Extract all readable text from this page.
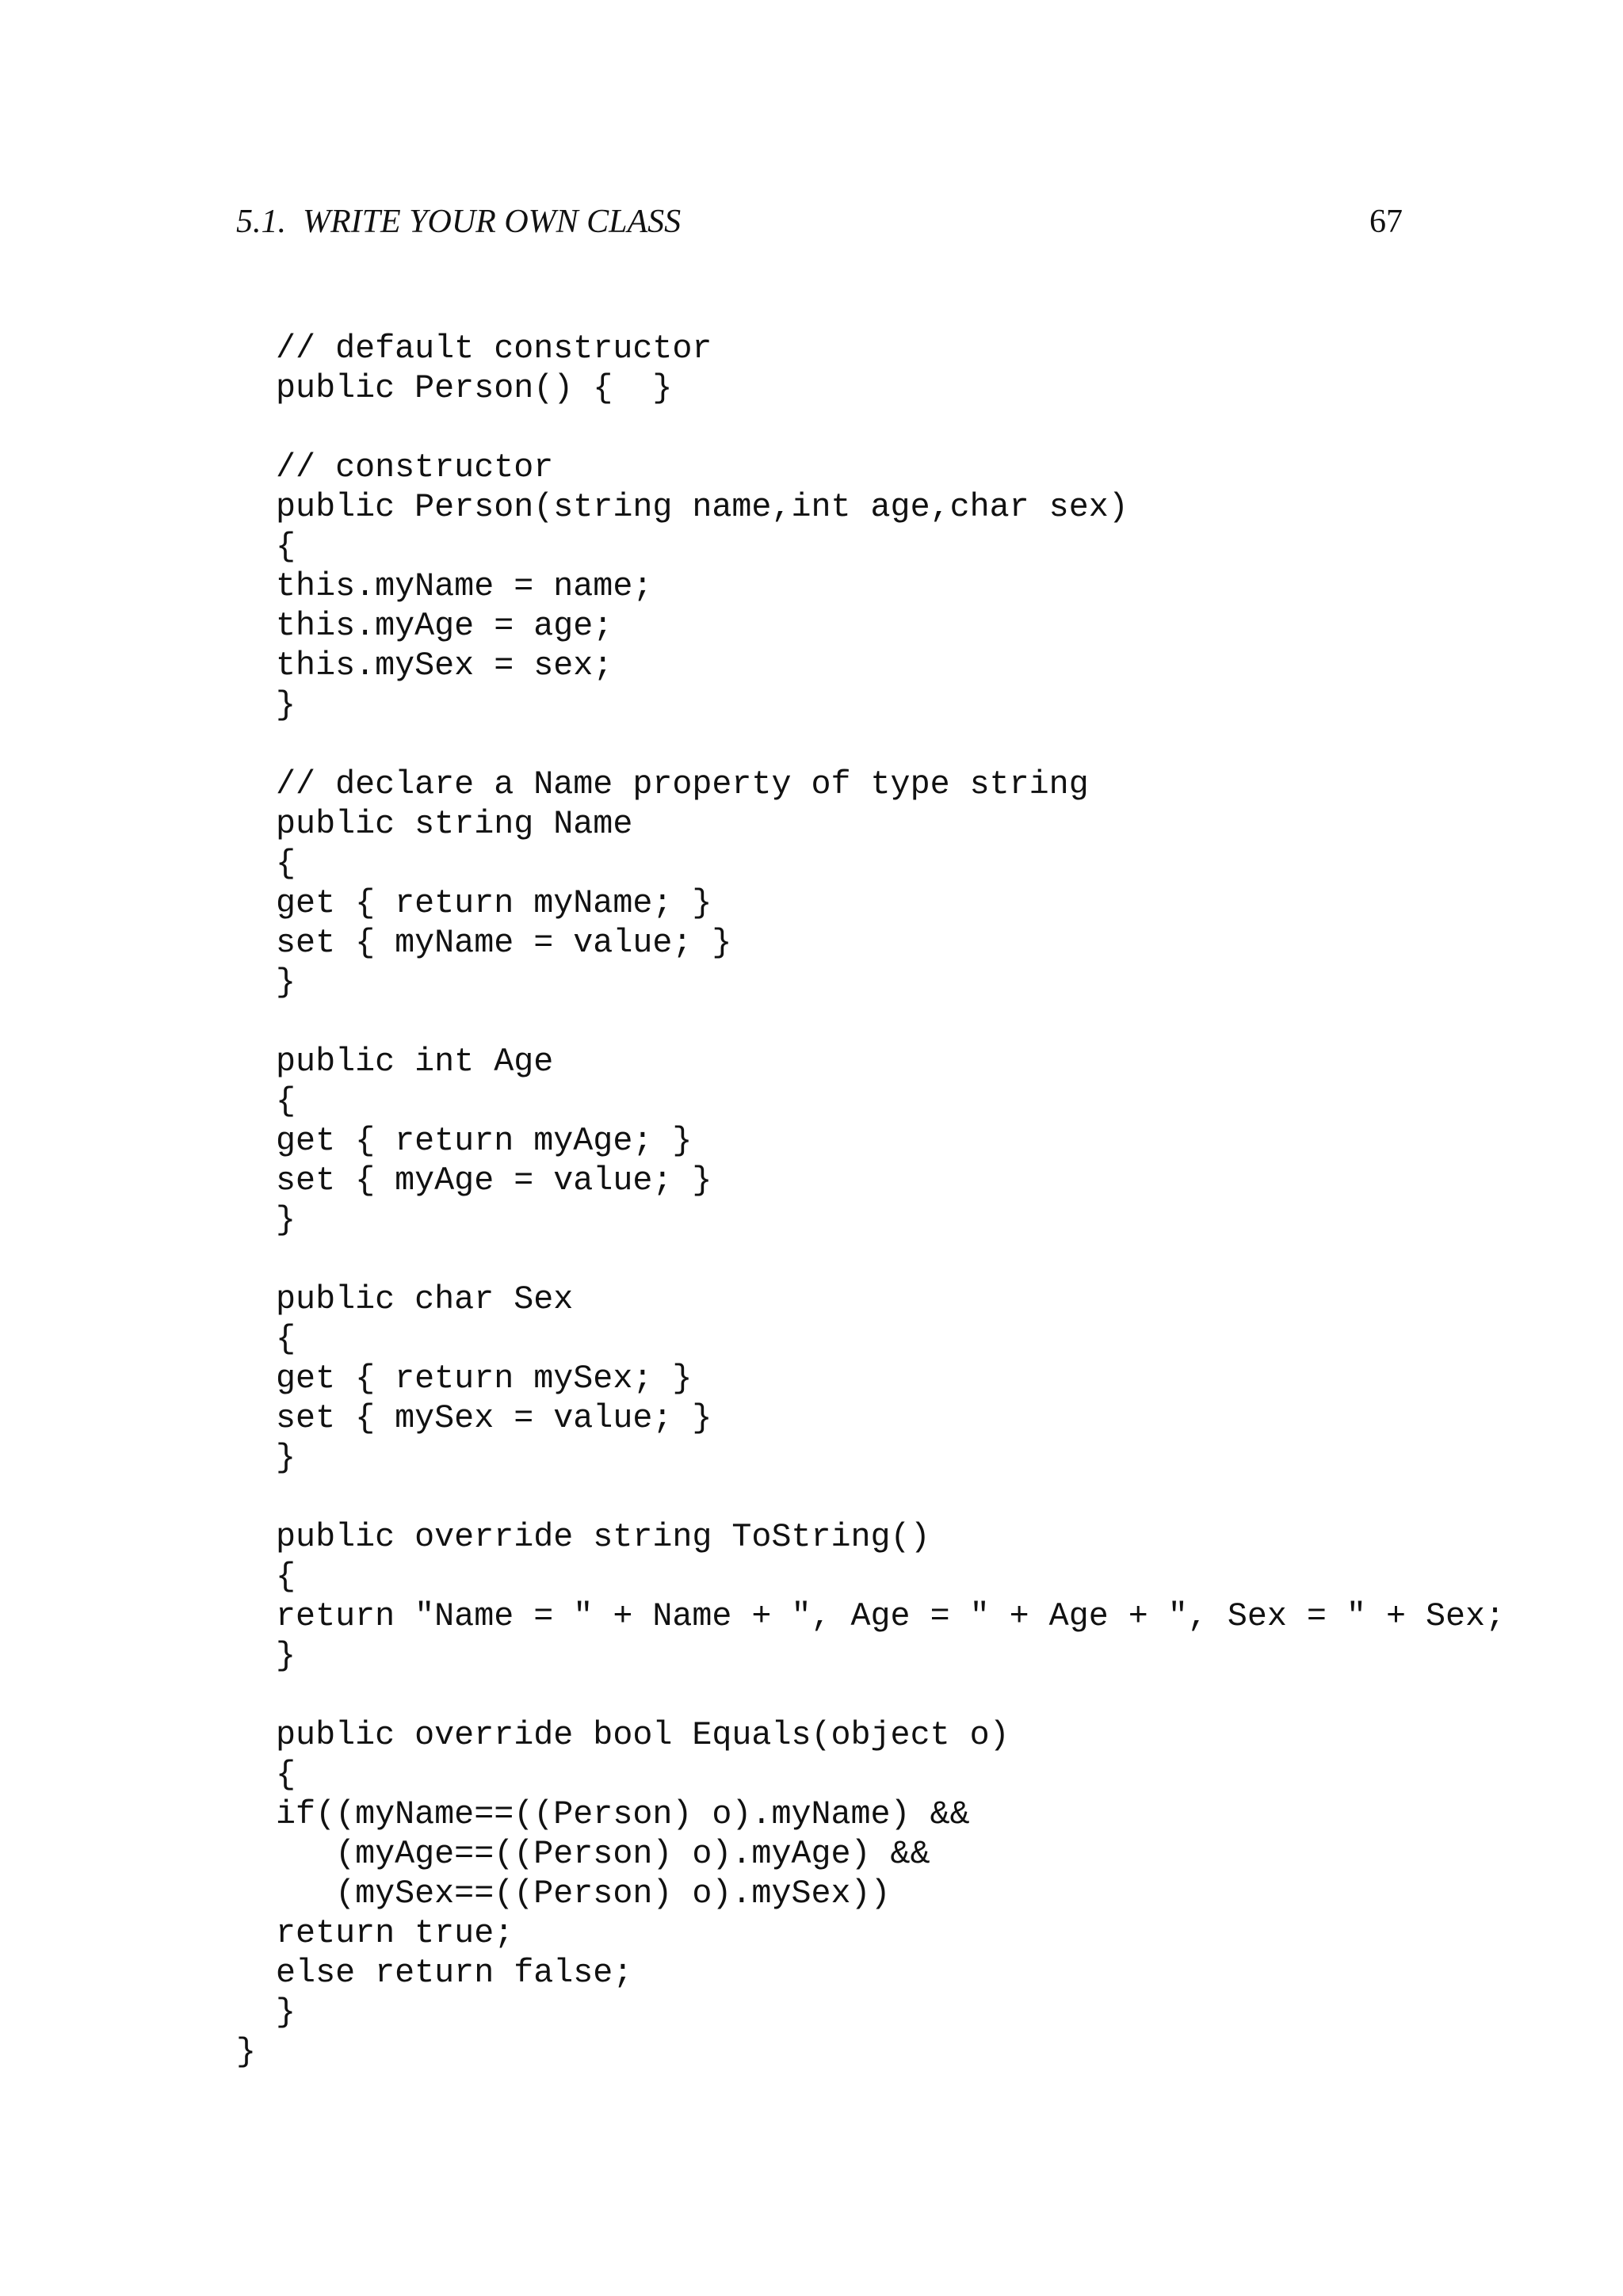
5.1.  WRITE YOUR OWN CLASS	67
// default constructor
public Person() {  }
// constructor
public Person(string name,int age,char sex)
{
this.myName = name;
this.myAge = age;
this.mySex = sex;
}
// declare a Name property of type string
public string Name
{
get { return myName; }
set { myName = value; }
}
public int Age
{
get { return myAge; }
set { myAge = value; }
}
public char Sex
{
get { return mySex; }
set { mySex = value; }
}
public override string ToString()
{
return "Name = " + Name + ", Age = " + Age + ", Sex = " + Sex;
}
public override bool Equals(object o)
{
if((myName==((Person) o).myName) &&
(myAge==((Person) o).myAge) &&
(mySex==((Person) o).mySex))
return true;
else return false;
}
}
